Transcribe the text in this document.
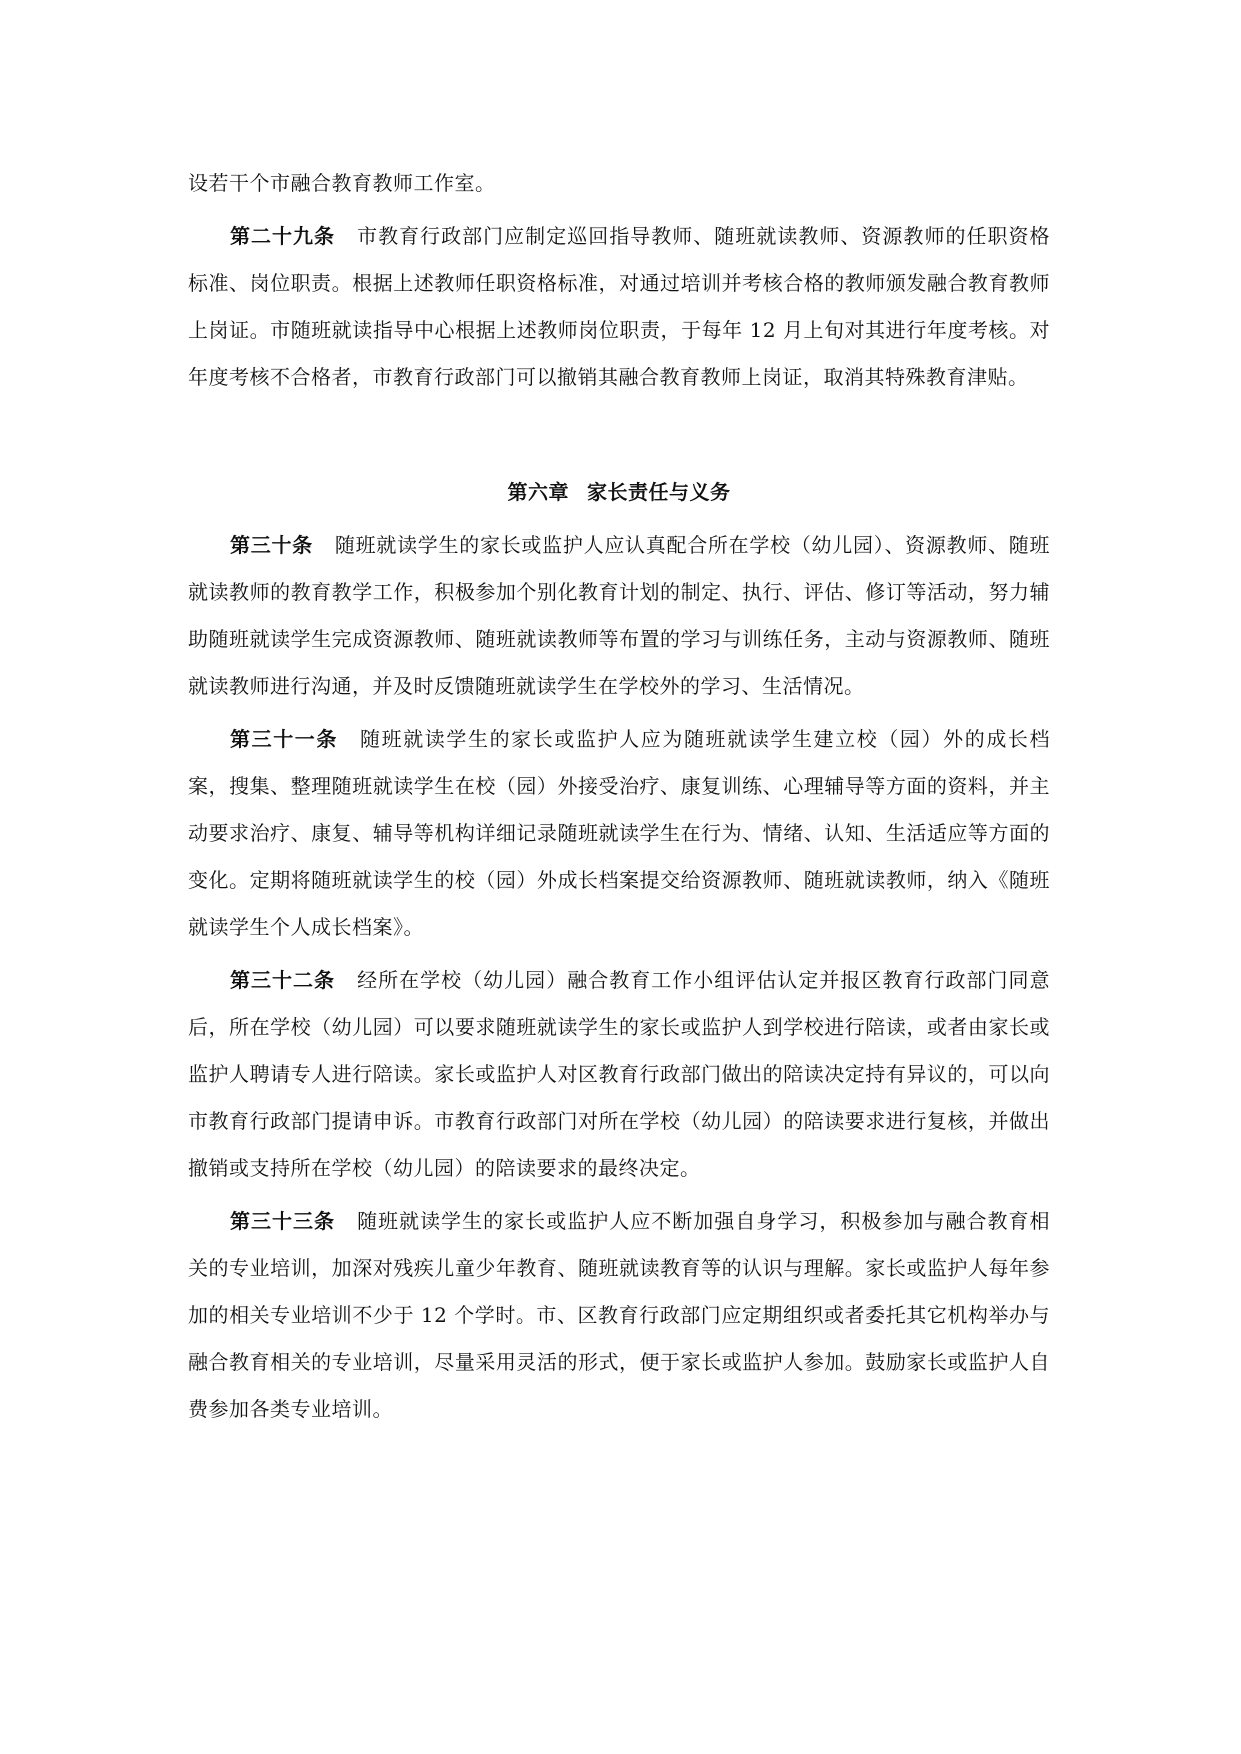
设若干个市融合教育教师工作室。

第二十九条 市教育行政部门应制定巡回指导教师、随班就读教师、资源教师的任职资格标准、岗位职责。根据上述教师任职资格标准，对通过培训并考核合格的教师颁发融合教育教师上岗证。市随班就读指导中心根据上述教师岗位职责，于每年 12 月上旬对其进行年度考核。对年度考核不合格者，市教育行政部门可以撤销其融合教育教师上岗证，取消其特殊教育津贴。

第六章 家长责任与义务

第三十条 随班就读学生的家长或监护人应认真配合所在学校（幼儿园）、资源教师、随班就读教师的教育教学工作，积极参加个别化教育计划的制定、执行、评估、修订等活动，努力辅助随班就读学生完成资源教师、随班就读教师等布置的学习与训练任务，主动与资源教师、随班就读教师进行沟通，并及时反馈随班就读学生在学校外的学习、生活情况。

第三十一条 随班就读学生的家长或监护人应为随班就读学生建立校（园）外的成长档案，搜集、整理随班就读学生在校（园）外接受治疗、康复训练、心理辅导等方面的资料，并主动要求治疗、康复、辅导等机构详细记录随班就读学生在行为、情绪、认知、生活适应等方面的变化。定期将随班就读学生的校（园）外成长档案提交给资源教师、随班就读教师，纳入《随班就读学生个人成长档案》。

第三十二条 经所在学校（幼儿园）融合教育工作小组评估认定并报区教育行政部门同意后，所在学校（幼儿园）可以要求随班就读学生的家长或监护人到学校进行陪读，或者由家长或监护人聘请专人进行陪读。家长或监护人对区教育行政部门做出的陪读决定持有异议的，可以向市教育行政部门提请申诉。市教育行政部门对所在学校（幼儿园）的陪读要求进行复核，并做出撤销或支持所在学校（幼儿园）的陪读要求的最终决定。

第三十三条 随班就读学生的家长或监护人应不断加强自身学习，积极参加与融合教育相关的专业培训，加深对残疾儿童少年教育、随班就读教育等的认识与理解。家长或监护人每年参加的相关专业培训不少于 12 个学时。市、区教育行政部门应定期组织或者委托其它机构举办与融合教育相关的专业培训，尽量采用灵活的形式，便于家长或监护人参加。鼓励家长或监护人自费参加各类专业培训。
